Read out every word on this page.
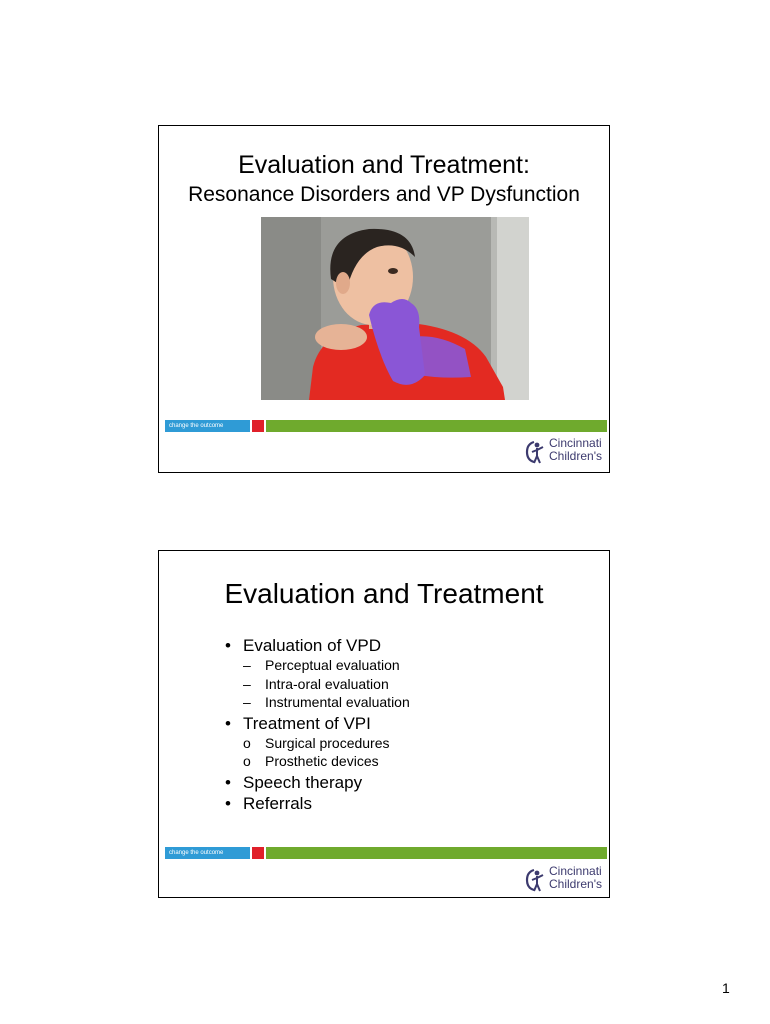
Evaluation and Treatment:
Resonance Disorders and VP Dysfunction
change the outcome
Cincinnati
Children's
Evaluation and Treatment
• Evaluation of VPD
– Perceptual evaluation
– Intra-oral evaluation
– Instrumental evaluation
• Treatment of VPI
o Surgical procedures
o Prosthetic devices
• Speech therapy
• Referrals
change the outcome
Cincinnati
Children's
1
